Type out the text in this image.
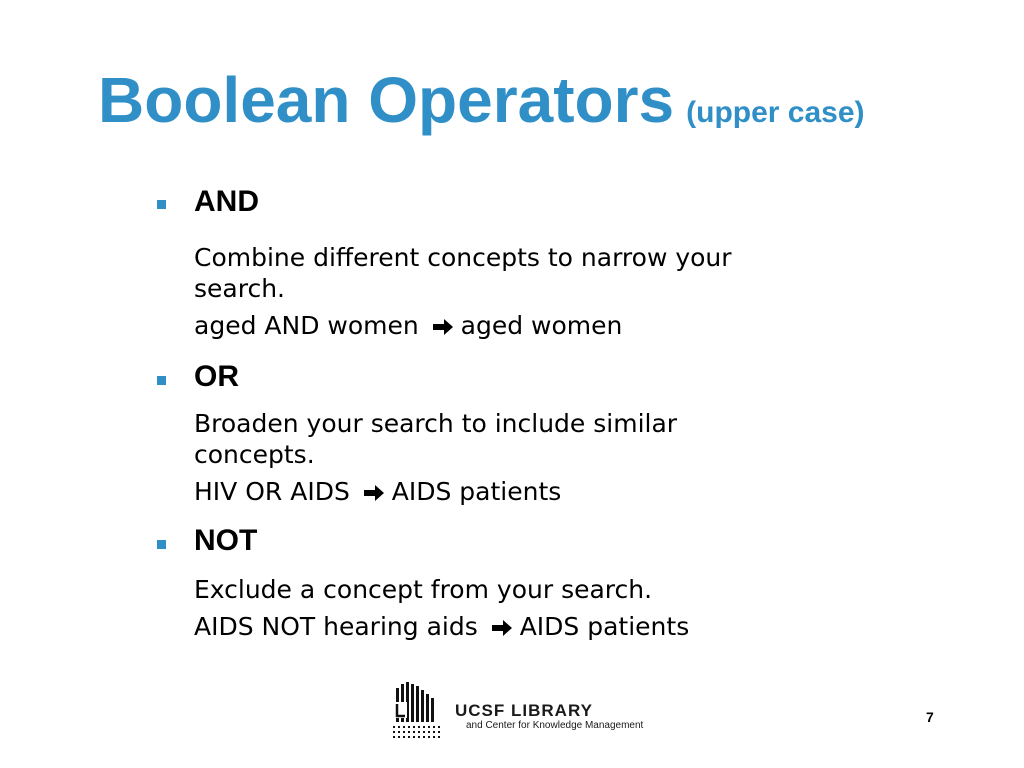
Boolean Operators (upper case)

AND

Combine different concepts to narrow your search.

aged AND women aged women

OR

Broaden your search to include similar concepts.

HIV OR AIDS AIDS patients

NOT

Exclude a concept from your search.

AIDS NOT hearing aids AIDS patients

UCSF LIBRARY

and Center for Knowledge Management

7
